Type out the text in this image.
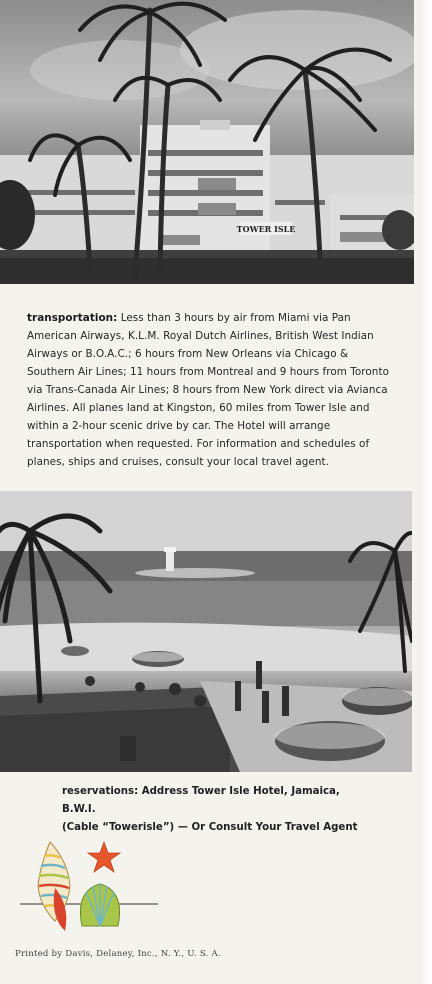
TOWER ISLE
transportation: Less than 3 hours by air from Miami via Pan American Airways, K.L.M. Royal Dutch Airlines, British West Indian Airways or B.O.A.C.; 6 hours from New Orleans via Chicago & Southern Air Lines; 11 hours from Montreal and 9 hours from Toronto via Trans-Canada Air Lines; 8 hours from New York direct via Avianca Airlines. All planes land at Kingston, 60 miles from Tower Isle and within a 2-hour scenic drive by car. The Hotel will arrange transportation when requested. For information and schedules of planes, ships and cruises, consult your local travel agent.
reservations: Address Tower Isle Hotel, Jamaica, B.W.I.
(Cable “Towerisle”) — Or Consult Your Travel Agent
Printed by Davis, Delaney, Inc., N. Y., U. S. A.
